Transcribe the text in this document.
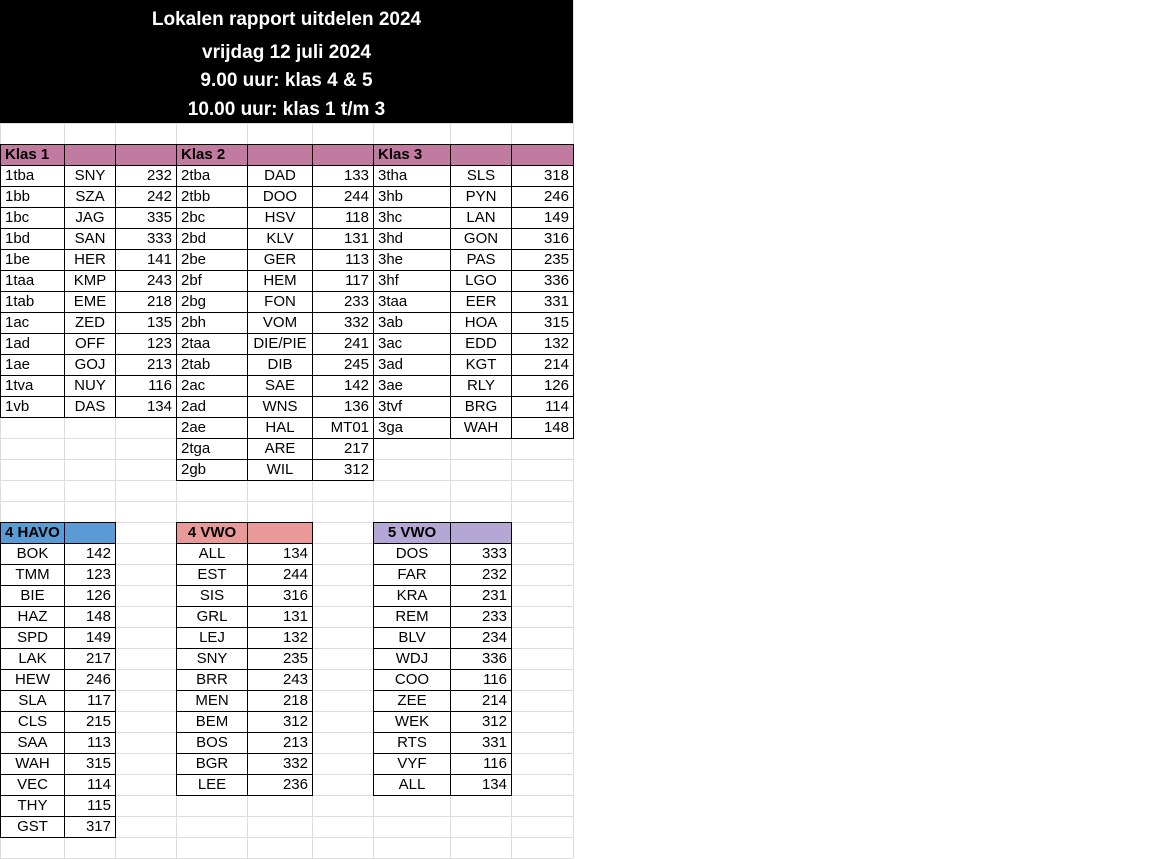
Lokalen rapport uitdelen 2024
vrijdag 12 juli 2024
9.00 uur: klas 4 & 5
10.00 uur: klas 1 t/m 3
Klas 1
1tba	SNY	232
1bb	SZA	242
1bc	JAG	335
1bd	SAN	333
1be	HER	141
1taa	KMP	243
1tab	EME	218
1ac	ZED	135
1ad	OFF	123
1ae	GOJ	213
1tva	NUY	116
1vb	DAS	134
Klas 2
2tba	DAD	133
2tbb	DOO	244
2bc	HSV	118
2bd	KLV	131
2be	GER	113
2bf	HEM	117
2bg	FON	233
2bh	VOM	332
2taa	DIE/PIE	241
2tab	DIB	245
2ac	SAE	142
2ad	WNS	136
2ae	HAL	MT01
2tga	ARE	217
2gb	WIL	312
Klas 3
3tha	SLS	318
3hb	PYN	246
3hc	LAN	149
3hd	GON	316
3he	PAS	235
3hf	LGO	336
3taa	EER	331
3ab	HOA	315
3ac	EDD	132
3ad	KGT	214
3ae	RLY	126
3tvf	BRG	114
3ga	WAH	148
4 HAVO
BOK	142
TMM	123
BIE	126
HAZ	148
SPD	149
LAK	217
HEW	246
SLA	117
CLS	215
SAA	113
WAH	315
VEC	114
THY	115
GST	317
4 VWO
ALL	134
EST	244
SIS	316
GRL	131
LEJ	132
SNY	235
BRR	243
MEN	218
BEM	312
BOS	213
BGR	332
LEE	236
5 VWO
DOS	333
FAR	232
KRA	231
REM	233
BLV	234
WDJ	336
COO	116
ZEE	214
WEK	312
RTS	331
VYF	116
ALL	134
